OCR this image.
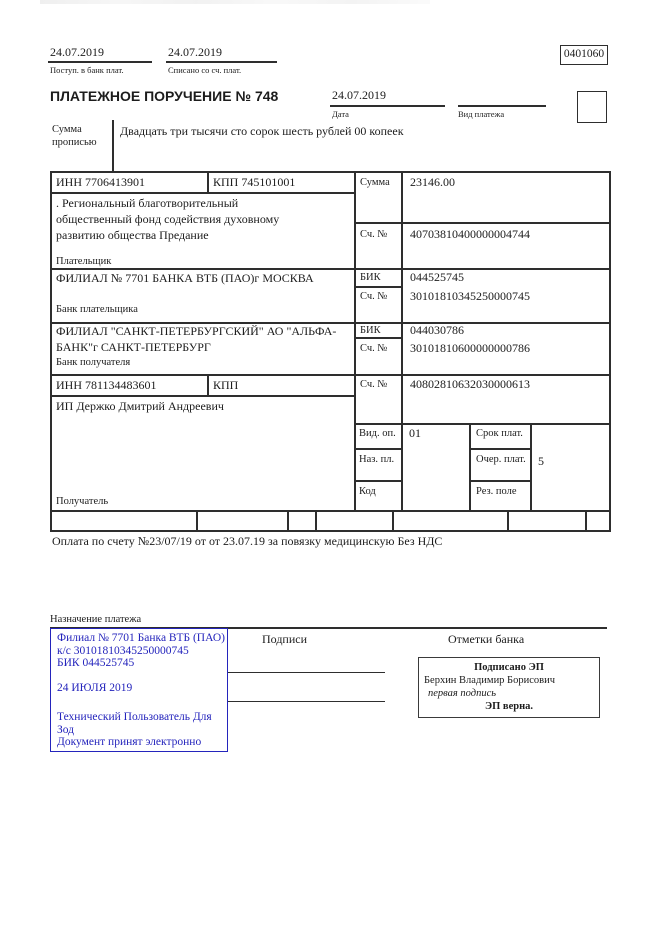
24.07.2019
Поступ. в банк плат.
24.07.2019
Списано со сч. плат.
0401060
ПЛАТЕЖНОЕ ПОРУЧЕНИЕ № 748	24.07.2019
Дата	Вид платежа
Сумма
прописью
Двадцать три тысячи сто сорок шесть рублей 00 копеек
ИНН 7706413901	КПП 745101001	Сумма 23146.00
. Региональный благотворительный
общественный фонд содействия духовному
развитию общества Предание
Плательщик
Сч. № 40703810400000004744
ФИЛИАЛ № 7701 БАНКА ВТБ (ПАО)г МОСКВА
Банк плательщика
БИК 044525745
Сч. № 30101810345250000745
ФИЛИАЛ "САНКТ-ПЕТЕРБУРГСКИЙ" АО "АЛЬФА-
БАНК"г САНКТ-ПЕТЕРБУРГ
Банк получателя
БИК 044030786
Сч. № 30101810600000000786
ИНН 781134483601	КПП	Сч. № 40802810632030000613
ИП Держко Дмитрий Андреевич
Получатель
Вид. оп. 01	Срок плат.
Наз. пл.	Очер. плат. 5
Код	Рез. поле
Оплата по счету №23/07/19 от от 23.07.19 за повязку медицинскую Без НДС
Назначение платежа
Подписи	Отметки банка
Филиал № 7701 Банка ВТБ (ПАО)
к/с 30101810345250000745
БИК 044525745
24 ИЮЛЯ 2019
Технический Пользователь Для
Зод
Документ принят электронно
Подписано ЭП
Берхин Владимир Борисович
первая подпись
ЭП верна.
